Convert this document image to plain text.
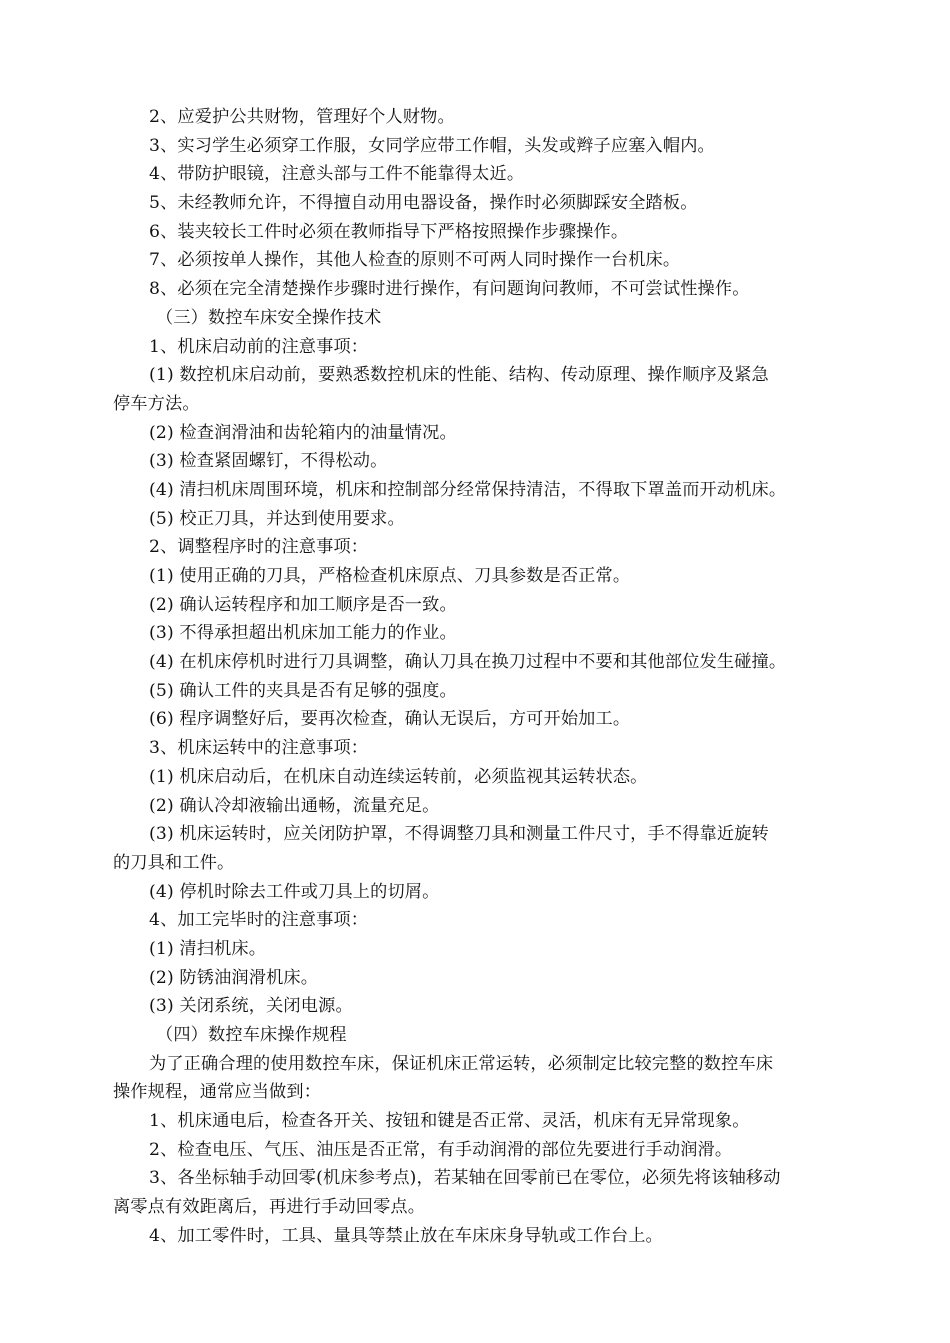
2、应爱护公共财物，管理好个人财物。
3、实习学生必须穿工作服，女同学应带工作帽，头发或辫子应塞入帽内。
4、带防护眼镜，注意头部与工件不能靠得太近。
5、未经教师允许，不得擅自动用电器设备，操作时必须脚踩安全踏板。
6、装夹较长工件时必须在教师指导下严格按照操作步骤操作。
7、必须按单人操作，其他人检查的原则不可两人同时操作一台机床。
8、必须在完全清楚操作步骤时进行操作，有问题询问教师，不可尝试性操作。
（三）数控车床安全操作技术
1、机床启动前的注意事项：
(1) 数控机床启动前，要熟悉数控机床的性能、结构、传动原理、操作顺序及紧急
停车方法。
(2) 检查润滑油和齿轮箱内的油量情况。
(3) 检查紧固螺钉，不得松动。
(4) 清扫机床周围环境，机床和控制部分经常保持清洁，不得取下罩盖而开动机床。
(5) 校正刀具，并达到使用要求。
2、调整程序时的注意事项：
(1) 使用正确的刀具，严格检查机床原点、刀具参数是否正常。
(2) 确认运转程序和加工顺序是否一致。
(3) 不得承担超出机床加工能力的作业。
(4) 在机床停机时进行刀具调整，确认刀具在换刀过程中不要和其他部位发生碰撞。
(5) 确认工件的夹具是否有足够的强度。
(6) 程序调整好后，要再次检查，确认无误后，方可开始加工。
3、机床运转中的注意事项：
(1) 机床启动后，在机床自动连续运转前，必须监视其运转状态。
(2) 确认冷却液输出通畅，流量充足。
(3) 机床运转时，应关闭防护罩，不得调整刀具和测量工件尺寸，手不得靠近旋转
的刀具和工件。
(4) 停机时除去工件或刀具上的切屑。
4、加工完毕时的注意事项：
(1) 清扫机床。
(2) 防锈油润滑机床。
(3) 关闭系统，关闭电源。
（四）数控车床操作规程
为了正确合理的使用数控车床，保证机床正常运转，必须制定比较完整的数控车床
操作规程，通常应当做到：
1、机床通电后，检查各开关、按钮和键是否正常、灵活，机床有无异常现象。
2、检查电压、气压、油压是否正常，有手动润滑的部位先要进行手动润滑。
3、各坐标轴手动回零(机床参考点)，若某轴在回零前已在零位，必须先将该轴移动
离零点有效距离后，再进行手动回零点。
4、加工零件时，工具、量具等禁止放在车床床身导轨或工作台上。
